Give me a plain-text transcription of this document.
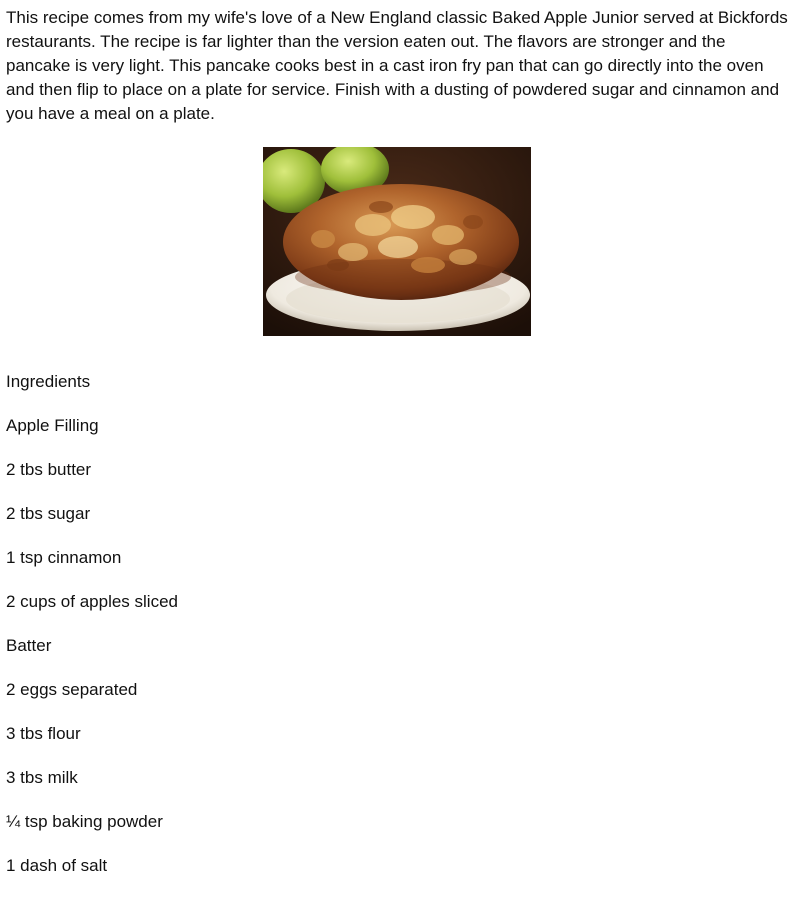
This recipe comes from my wife's love of a New England classic Baked Apple Junior served at Bickfords restaurants. The recipe is far lighter than the version eaten out. The flavors are stronger and the pancake is very light. This pancake cooks best in a cast iron fry pan that can go directly into the oven and then flip to place on a plate for service. Finish with a dusting of powdered sugar and cinnamon and you have a meal on a plate.

Ingredients
Apple Filling
2 tbs butter
2 tbs sugar
1 tsp cinnamon
2 cups of apples sliced
Batter
2 eggs separated
3 tbs flour
3 tbs milk
¼ tsp baking powder
1 dash of salt
